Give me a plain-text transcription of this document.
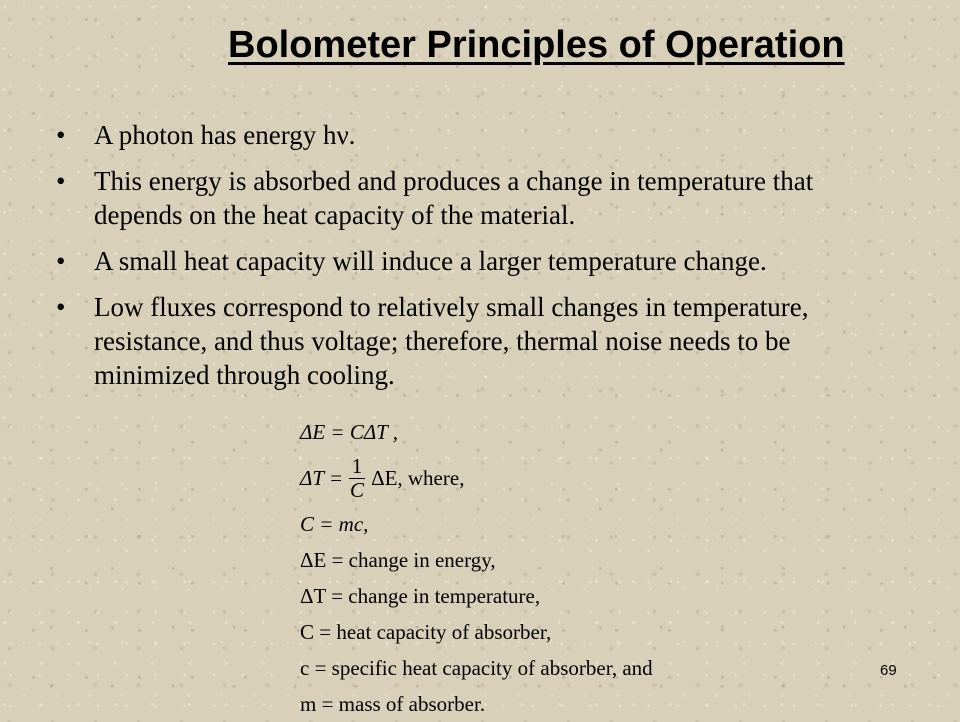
Bolometer Principles of Operation
• A photon has energy hν.
• This energy is absorbed and produces a change in temperature that depends on the heat capacity of the material.
• A small heat capacity will induce a larger temperature change.
• Low fluxes correspond to relatively small changes in temperature, resistance, and thus voltage; therefore, thermal noise needs to be minimized through cooling.
ΔE = CΔT ,
$\Delta T = \frac{1}{C} \Delta E$, where,
C = mc,
ΔE = change in energy,
ΔT = change in temperature,
C = heat capacity of absorber,
c = specific heat capacity of absorber, and
m = mass of absorber.
69
